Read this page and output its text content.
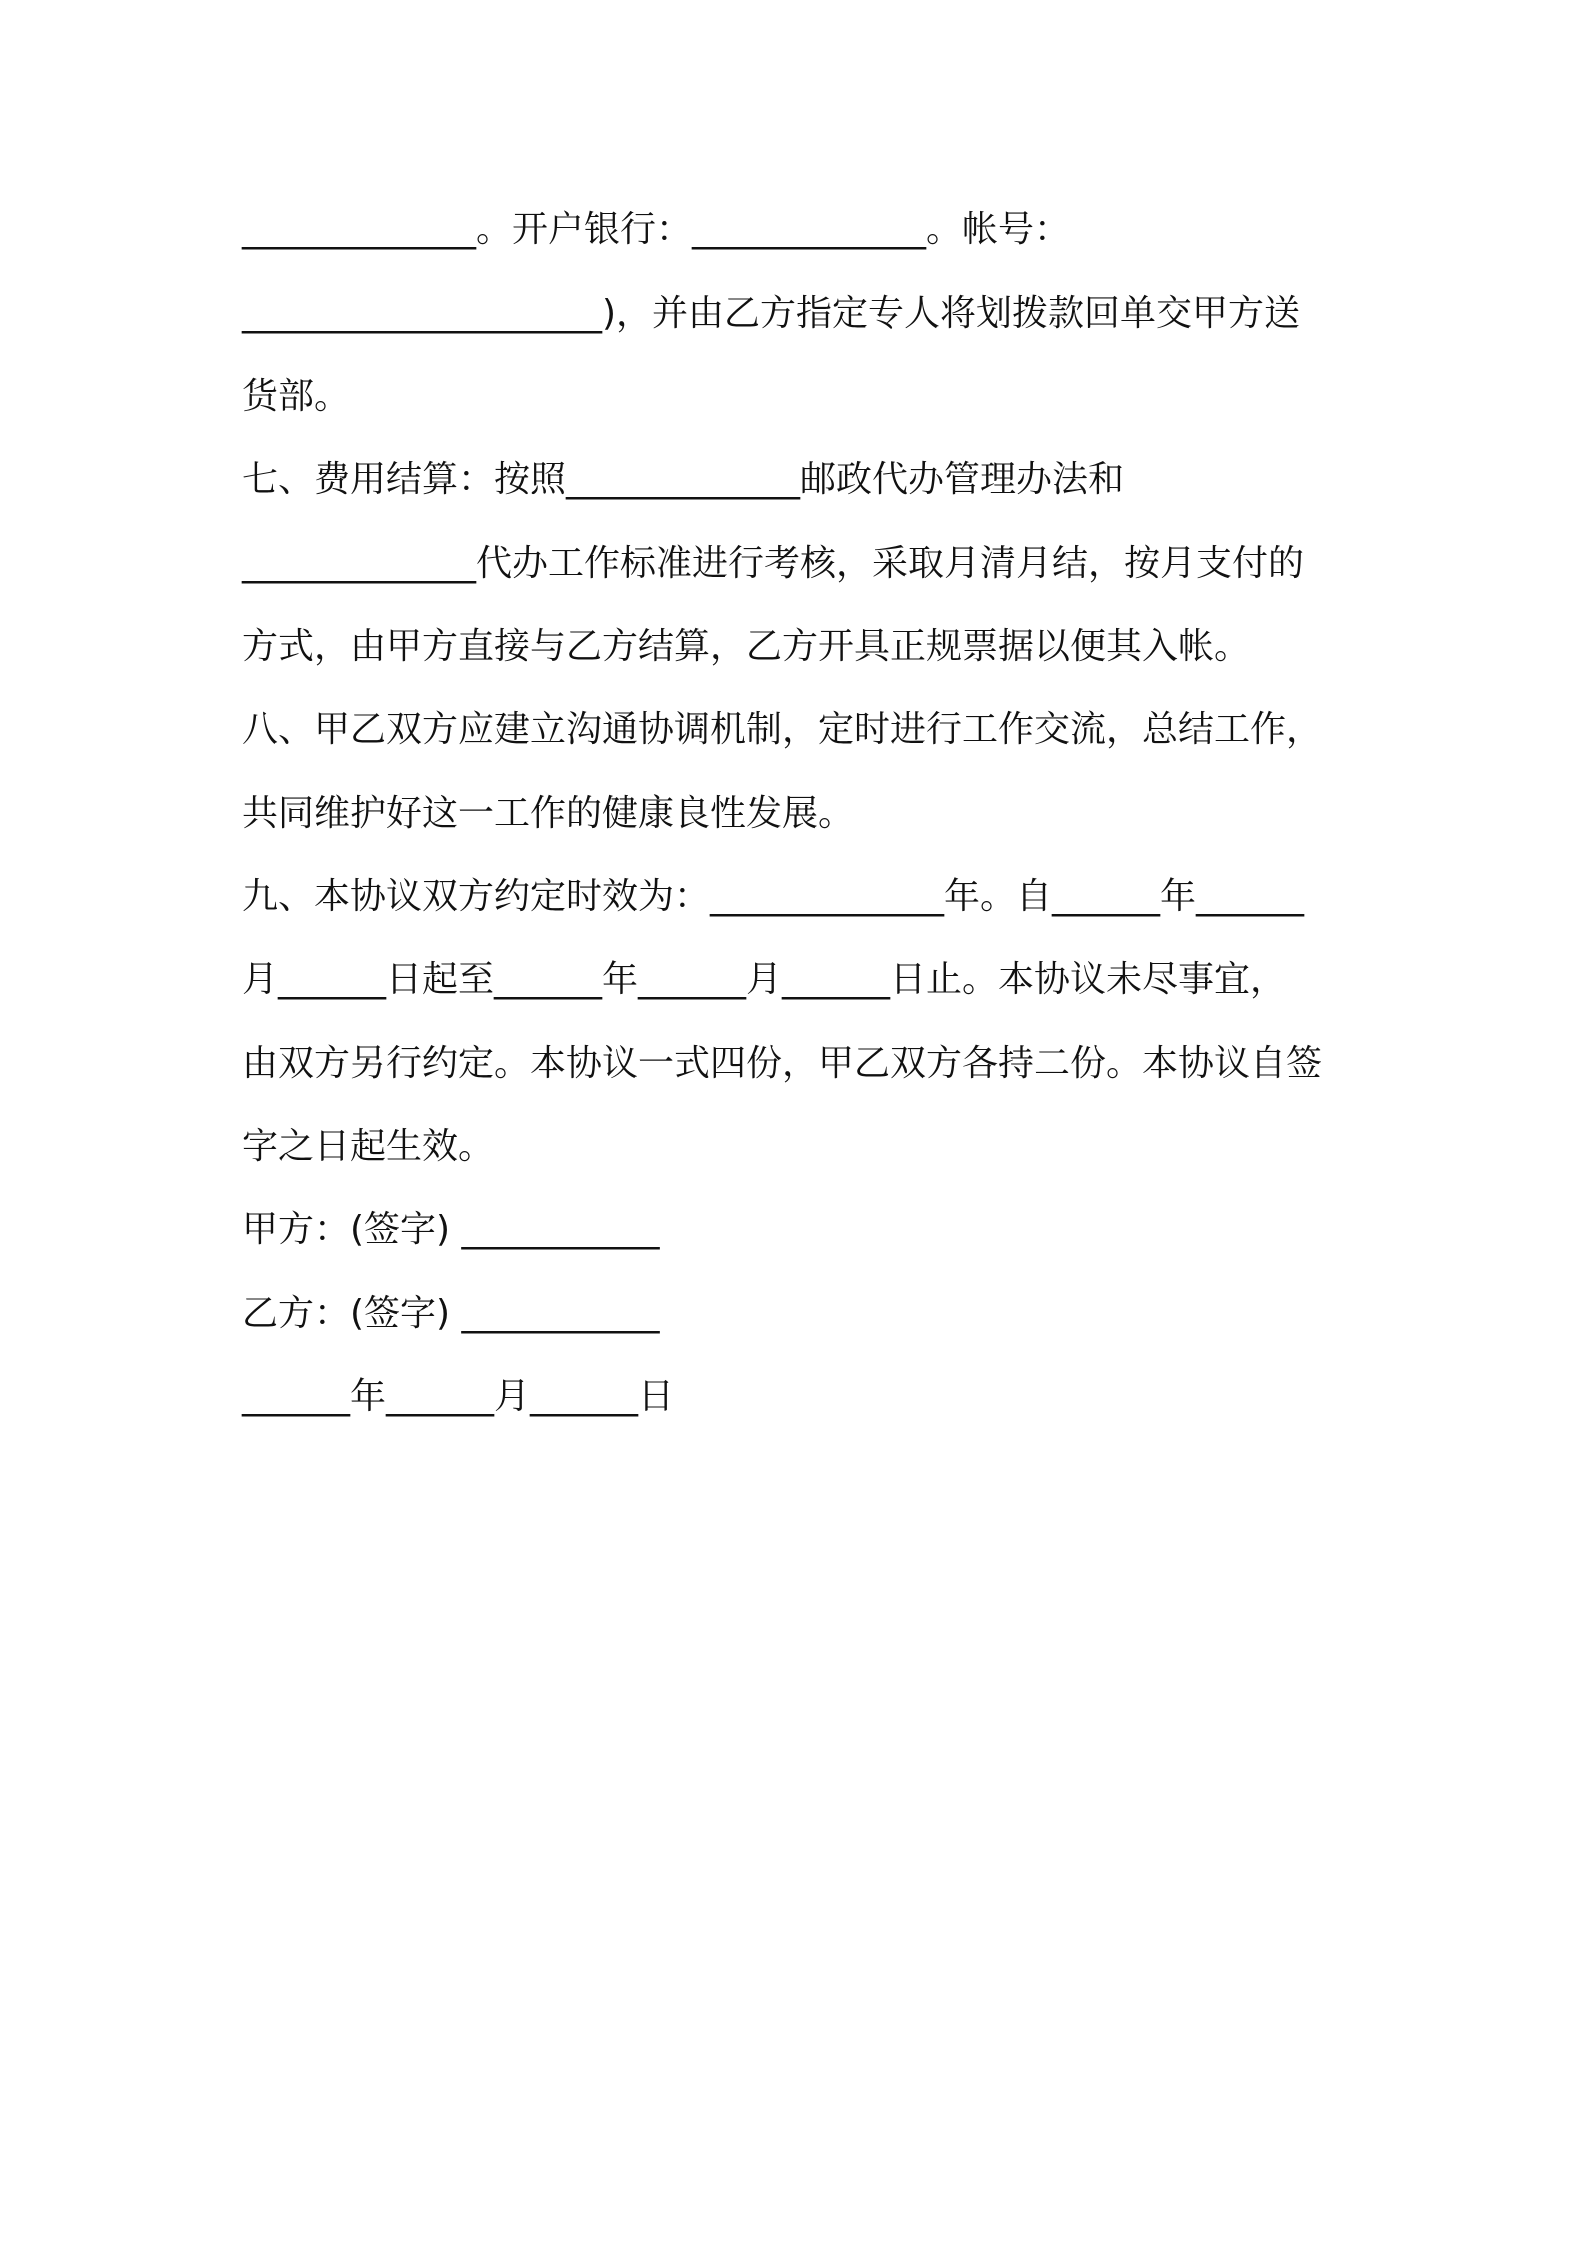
_____________。开户银行：_____________。帐号：
____________________)，并由乙方指定专人将划拨款回单交甲方送
货部。
七、费用结算：按照_____________邮政代办管理办法和
_____________代办工作标准进行考核，采取月清月结，按月支付的
方式，由甲方直接与乙方结算，乙方开具正规票据以便其入帐。
八、甲乙双方应建立沟通协调机制，定时进行工作交流，总结工作，
共同维护好这一工作的健康良性发展。
九、本协议双方约定时效为：_____________年。自______年______
月______日起至______年______月______日止。本协议未尽事宜，
由双方另行约定。本协议一式四份，甲乙双方各持二份。本协议自签
字之日起生效。
甲方：(签字) ___________
乙方：(签字) ___________
______年______月______日
